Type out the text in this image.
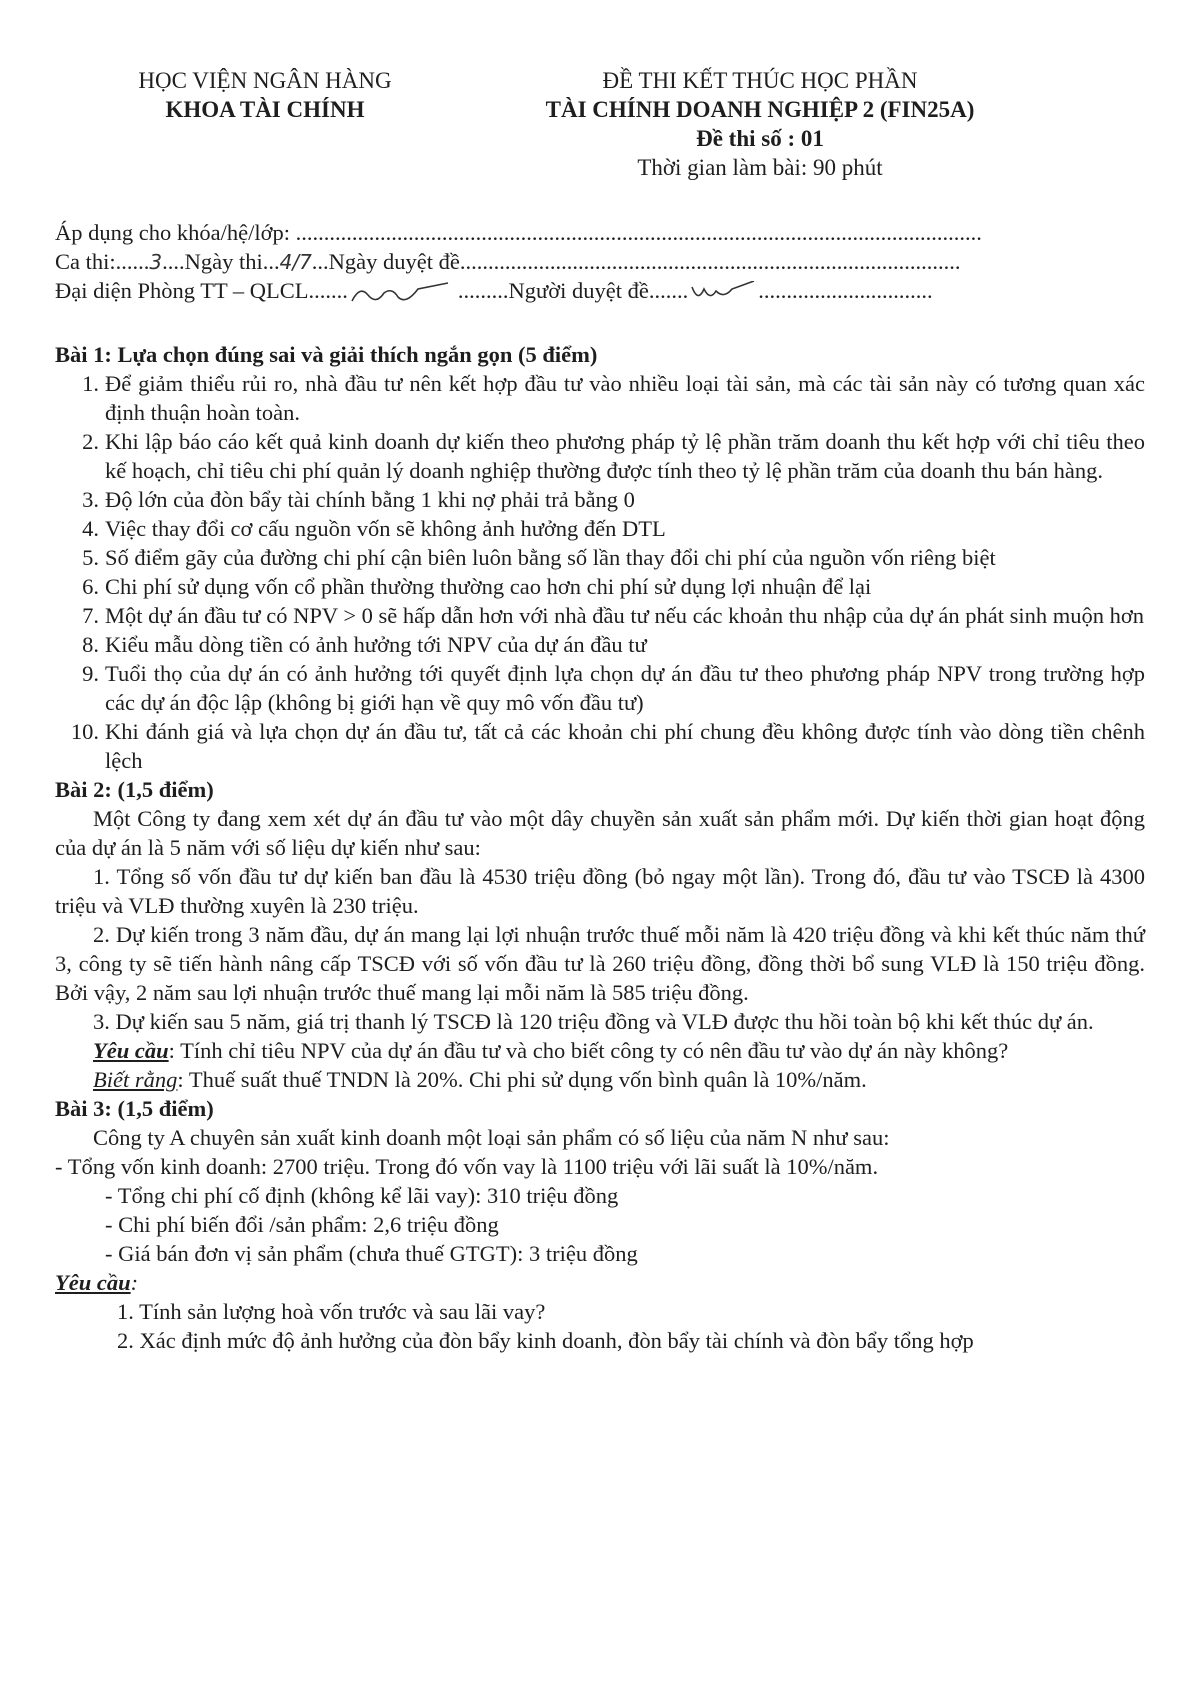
HỌC VIỆN NGÂN HÀNG
KHOA TÀI CHÍNH
ĐỀ THI KẾT THÚC HỌC PHẦN
TÀI CHÍNH DOANH NGHIỆP 2 (FIN25A)
Đề thi số : 01
Thời gian làm bài: 90 phút
Áp dụng cho khóa/hệ/lớp: ..........................................................................................................................
Ca thi:......3....Ngày thi...4/7...Ngày duyệt đề.........................................................................................
Đại diện Phòng TT – QLCL.......	.........Người duyệt đề.......	...............................
Bài 1: Lựa chọn đúng sai và giải thích ngắn gọn (5 điểm)
1. Để giảm thiểu rủi ro, nhà đầu tư nên kết hợp đầu tư vào nhiều loại tài sản, mà các tài sản này có tương quan xác định thuận hoàn toàn.
2. Khi lập báo cáo kết quả kinh doanh dự kiến theo phương pháp tỷ lệ phần trăm doanh thu kết hợp với chỉ tiêu theo kế hoạch, chỉ tiêu chi phí quản lý doanh nghiệp thường được tính theo tỷ lệ phần trăm của doanh thu bán hàng.
3. Độ lớn của đòn bẩy tài chính bằng 1 khi nợ phải trả bằng 0
4. Việc thay đổi cơ cấu nguồn vốn sẽ không ảnh hưởng đến DTL
5. Số điểm gãy của đường chi phí cận biên luôn bằng số lần thay đổi chi phí của nguồn vốn riêng biệt
6. Chi phí sử dụng vốn cổ phần thường thường cao hơn chi phí sử dụng lợi nhuận để lại
7. Một dự án đầu tư có NPV > 0 sẽ hấp dẫn hơn với nhà đầu tư nếu các khoản thu nhập của dự án phát sinh muộn hơn
8. Kiểu mẫu dòng tiền có ảnh hưởng tới NPV của dự án đầu tư
9. Tuổi thọ của dự án có ảnh hưởng tới quyết định lựa chọn dự án đầu tư theo phương pháp NPV trong trường hợp các dự án độc lập (không bị giới hạn về quy mô vốn đầu tư)
10. Khi đánh giá và lựa chọn dự án đầu tư, tất cả các khoản chi phí chung đều không được tính vào dòng tiền chênh lệch
Bài 2: (1,5 điểm)

Một Công ty đang xem xét dự án đầu tư vào một dây chuyền sản xuất sản phẩm mới. Dự kiến thời gian hoạt động của dự án là 5 năm với số liệu dự kiến như sau:

1. Tổng số vốn đầu tư dự kiến ban đầu là 4530 triệu đồng (bỏ ngay một lần). Trong đó, đầu tư vào TSCĐ là 4300 triệu và VLĐ thường xuyên là 230 triệu.

2. Dự kiến trong 3 năm đầu, dự án mang lại lợi nhuận trước thuế mỗi năm là 420 triệu đồng và khi kết thúc năm thứ 3, công ty sẽ tiến hành nâng cấp TSCĐ với số vốn đầu tư là 260 triệu đồng, đồng thời bổ sung VLĐ là 150 triệu đồng. Bởi vậy, 2 năm sau lợi nhuận trước thuế mang lại mỗi năm là 585 triệu đồng.

3. Dự kiến sau 5 năm, giá trị thanh lý TSCĐ là 120 triệu đồng và VLĐ được thu hồi toàn bộ khi kết thúc dự án.

Yêu cầu: Tính chỉ tiêu NPV của dự án đầu tư và cho biết công ty có nên đầu tư vào dự án này không?

Biết rằng: Thuế suất thuế TNDN là 20%. Chi phi sử dụng vốn bình quân là 10%/năm.

Bài 3: (1,5 điểm)

Công ty A chuyên sản xuất kinh doanh một loại sản phẩm có số liệu của năm N như sau:

- Tổng vốn kinh doanh: 2700 triệu. Trong đó vốn vay là 1100 triệu với lãi suất là 10%/năm.

- Tổng chi phí cố định (không kể lãi vay): 310 triệu đồng

- Chi phí biến đổi /sản phẩm: 2,6 triệu đồng

- Giá bán đơn vị sản phẩm (chưa thuế GTGT): 3 triệu đồng

Yêu cầu:

1. Tính sản lượng hoà vốn trước và sau lãi vay?

2. Xác định mức độ ảnh hưởng của đòn bẩy kinh doanh, đòn bẩy tài chính và đòn bẩy tổng hợp
